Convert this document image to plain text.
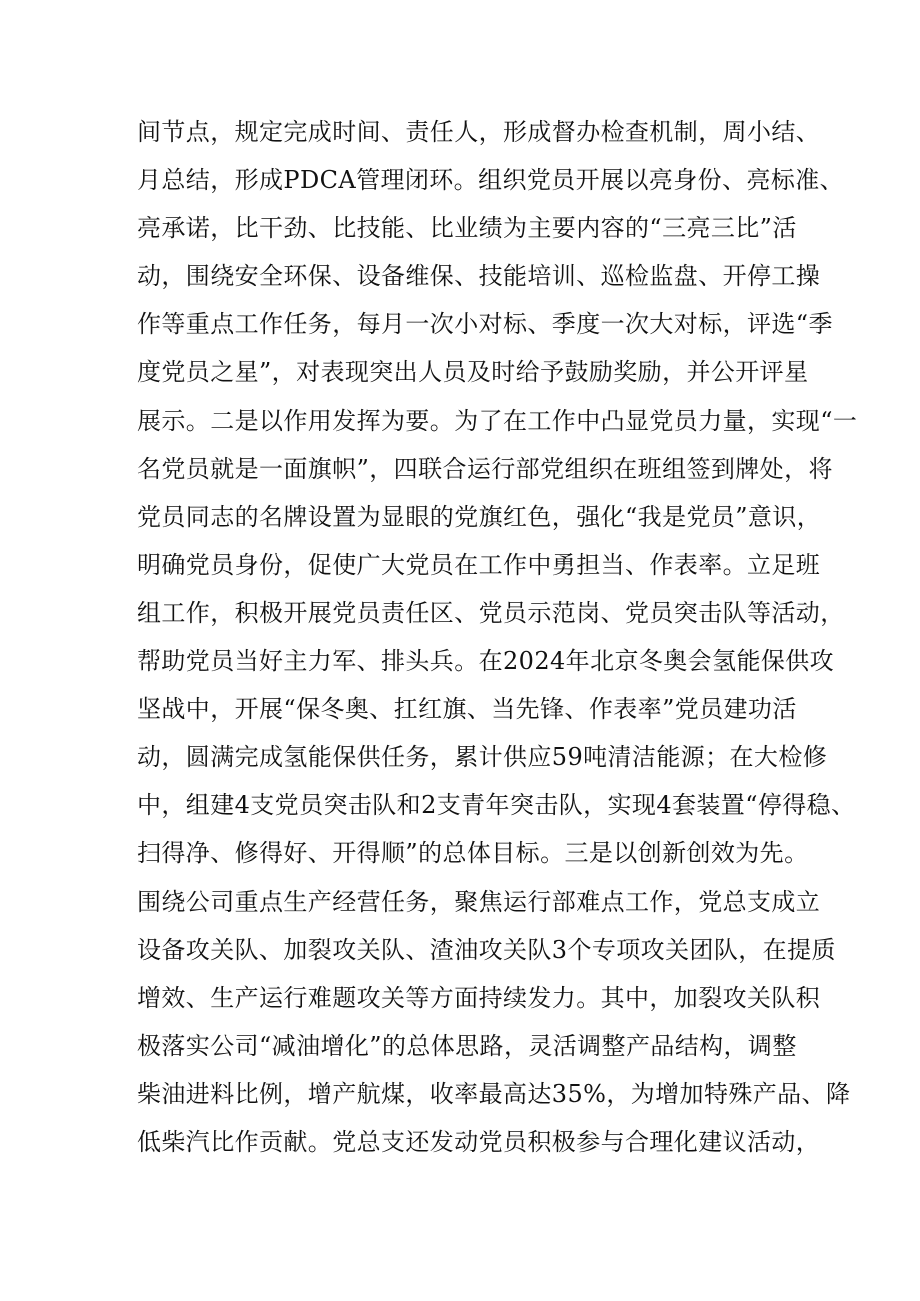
间节点，规定完成时间、责任人，形成督办检查机制，周小结、
月总结，形成PDCA管理闭环。组织党员开展以亮身份、亮标准、
亮承诺，比干劲、比技能、比业绩为主要内容的“三亮三比”活
动，围绕安全环保、设备维保、技能培训、巡检监盘、开停工操
作等重点工作任务，每月一次小对标、季度一次大对标，评选“季
度党员之星”，对表现突出人员及时给予鼓励奖励，并公开评星
展示。二是以作用发挥为要。为了在工作中凸显党员力量，实现“一
名党员就是一面旗帜”，四联合运行部党组织在班组签到牌处，将
党员同志的名牌设置为显眼的党旗红色，强化“我是党员”意识，
明确党员身份，促使广大党员在工作中勇担当、作表率。立足班
组工作，积极开展党员责任区、党员示范岗、党员突击队等活动，
帮助党员当好主力军、排头兵。在2024年北京冬奥会氢能保供攻
坚战中，开展“保冬奥、扛红旗、当先锋、作表率”党员建功活
动，圆满完成氢能保供任务，累计供应59吨清洁能源；在大检修
中，组建4支党员突击队和2支青年突击队，实现4套装置“停得稳、
扫得净、修得好、开得顺”的总体目标。三是以创新创效为先。
围绕公司重点生产经营任务，聚焦运行部难点工作，党总支成立
设备攻关队、加裂攻关队、渣油攻关队3个专项攻关团队，在提质
增效、生产运行难题攻关等方面持续发力。其中，加裂攻关队积
极落实公司“减油增化”的总体思路，灵活调整产品结构，调整
柴油进料比例，增产航煤，收率最高达35%，为增加特殊产品、降
低柴汽比作贡献。党总支还发动党员积极参与合理化建议活动，
